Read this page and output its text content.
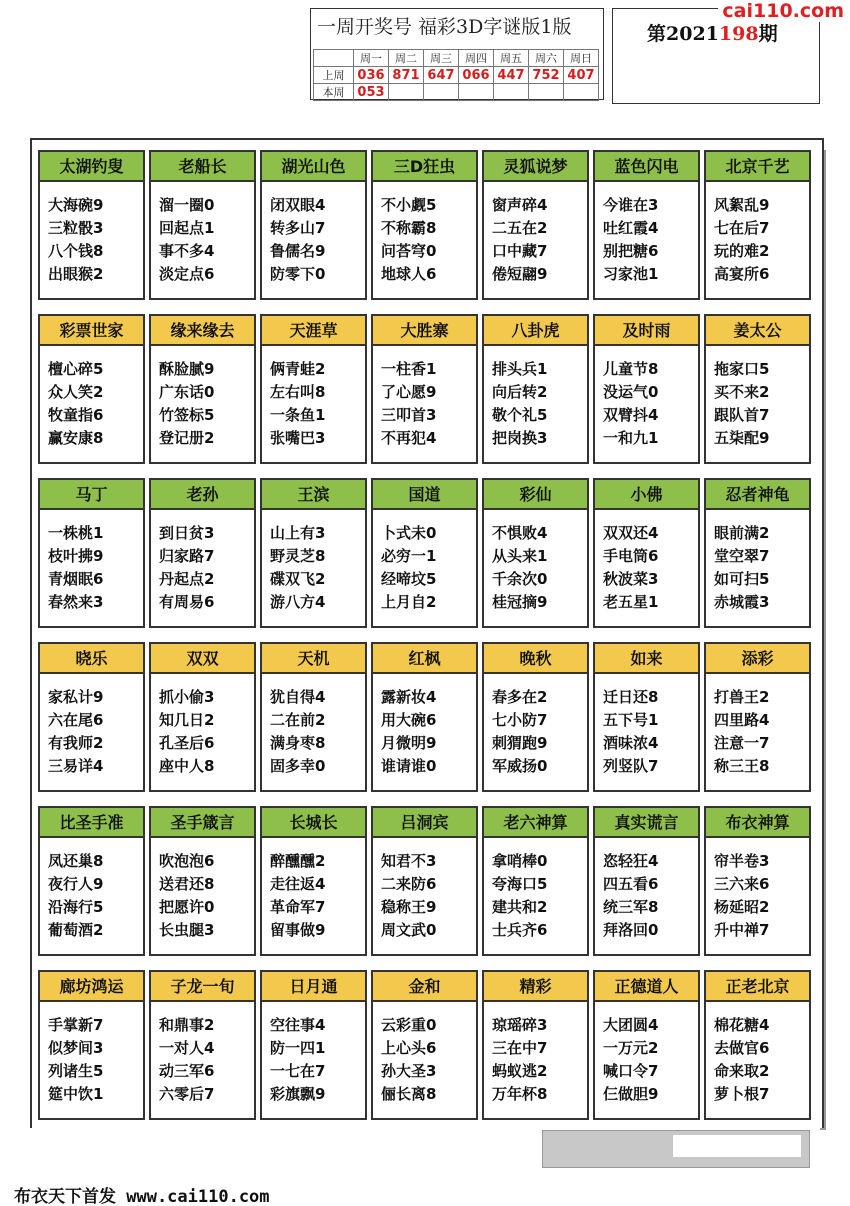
一周开奖号 福彩3D字谜版1版
	周一	周二	周三	周四	周五	周六	周日
上周	036	871	647	066	447	752	407
本周	053						
第2021198期
cai110.com
太湖钓叟
大海碗9
三粒骰3
八个钱8
出眼猴2
老船长
溜一圈0
回起点1
事不多4
淡定点6
湖光山色
闭双眼4
转多山7
鲁儒名9
防零下0
三D狂虫
不小觑5
不称霸8
问荅穹0
地球人6
灵狐说梦
窗声碎4
二五在2
口中藏7
倦短翮9
蓝色闪电
今谁在3
吐红霞4
别把糖6
习家池1
北京千艺
风絮乱9
七在后7
玩的难2
高宴所6
彩票世家
檀心碎5
众人笑2
牧童指6
赢安康8
缘来缘去
酥脸腻9
广东话0
竹签标5
登记册2
天涯草
俩青蛙2
左右叫8
一条鱼1
张嘴巴3
大胜寨
一柱香1
了心愿9
三叩首3
不再犯4
八卦虎
排头兵1
向后转2
敬个礼5
把岗换3
及时雨
儿童节8
没运气0
双臂抖4
一和九1
姜太公
拖家口5
买不来2
跟队首7
五柒配9
马丁
一株桃1
枝叶拂9
青烟眠6
春然来3
老孙
到日贫3
归家路7
丹起点2
有周易6
王滨
山上有3
野灵芝8
碟双飞2
游八方4
国道
卜式未0
必穷一1
经啼坟5
上月自2
彩仙
不惧败4
从头来1
千余次0
桂冠摘9
小佛
双双还4
手电筒6
秋波菜3
老五星1
忍者神龟
眼前满2
堂空翠7
如可扫5
赤城霞3
晓乐
家私计9
六在尾6
有我师2
三易详4
双双
抓小偷3
知几日2
孔圣后6
座中人8
天机
犹自得4
二在前2
满身枣8
固多幸0
红枫
露新妆4
用大碗6
月微明9
谁请谁0
晚秋
春多在2
七小防7
刺猬跑9
军威扬0
如来
迁日还8
五下号1
酒味浓4
列竖队7
添彩
打兽王2
四里路4
注意一7
称三王8
比圣手准
凤还巢8
夜行人9
沿海行5
葡萄酒2
圣手箴言
吹泡泡6
送君还8
把愿许0
长虫腿3
长城长
醉醺醺2
走往返4
革命军7
留事做9
吕洞宾
知君不3
二来防6
稳称王9
周文武0
老六神算
拿哨棒0
夸海口5
建共和2
士兵齐6
真实谎言
恣轻狂4
四五看6
统三军8
拜洛回0
布衣神算
帘半卷3
三六来6
杨延昭2
升中禅7
廊坊鸿运
手掌新7
似梦间3
列诸生5
筵中饮1
子龙一旬
和鼎事2
一对人4
动三军6
六零后7
日月通
空往事4
防一四1
一七在7
彩旗飘9
金和
云彩重0
上心头6
孙大圣3
俪长离8
精彩
琼瑶碎3
三在中7
蚂蚁逃2
万年杯8
正德道人
大团圆4
一万元2
喊口令7
仨做胆9
正老北京
棉花糖4
去做官6
命来取2
萝卜根7
布衣天下首发 www.cai110.com
